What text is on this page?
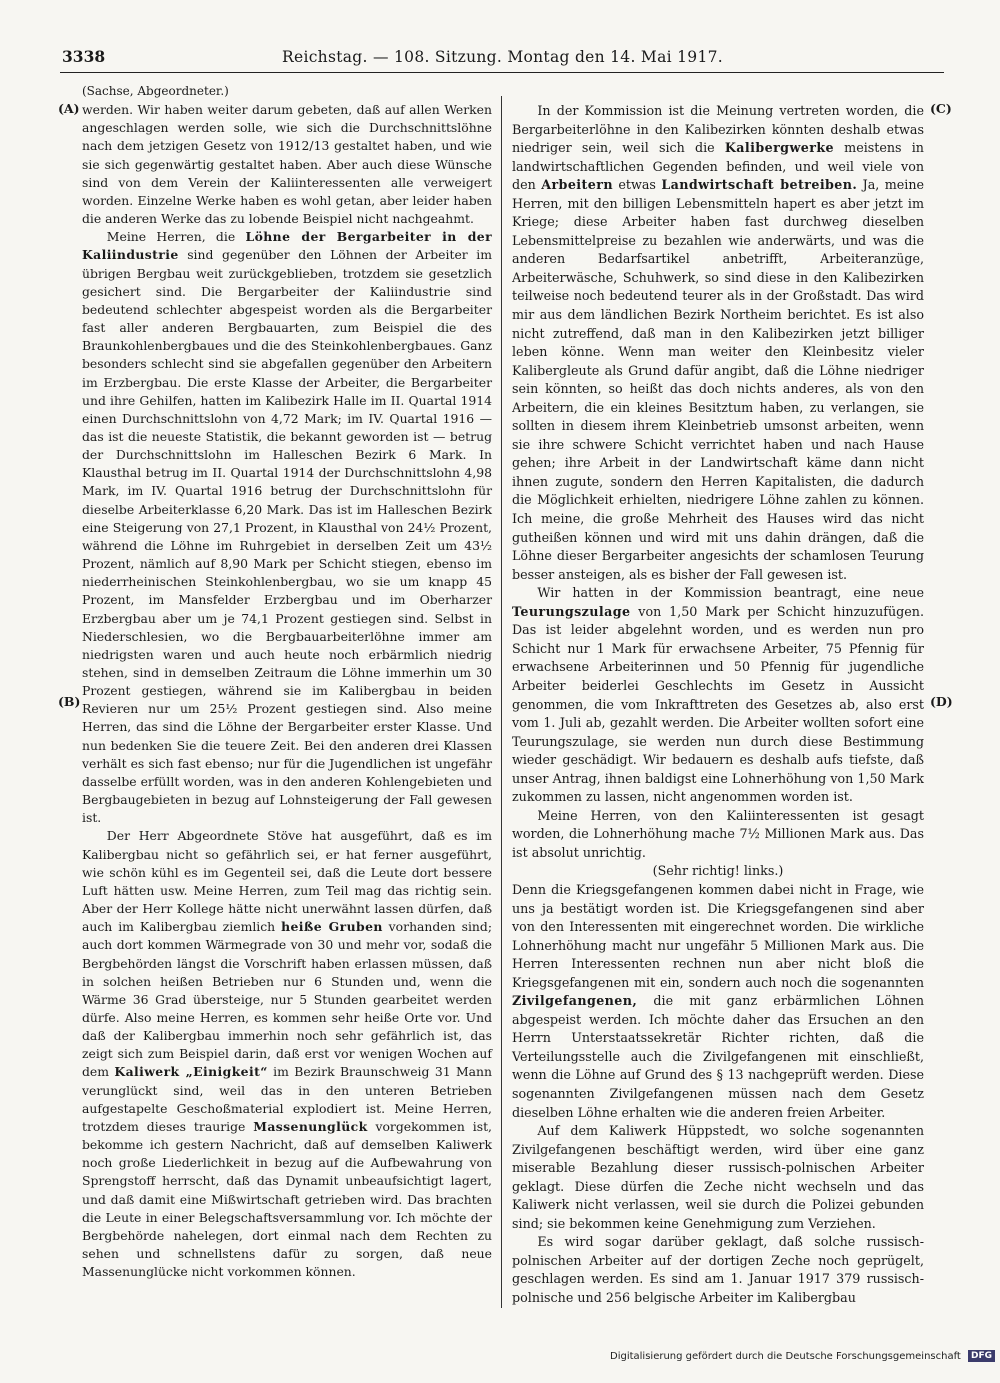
3338	Reichstag. — 108. Sitzung. Montag den 14. Mai 1917.
(A)
(B)
(C)
(D)

(Sachse, Abgeordneter.)

werden. Wir haben weiter darum gebeten, daß auf allen Werken angeschlagen werden solle, wie sich die Durchschnittslöhne nach dem jetzigen Gesetz von 1912/13 gestaltet haben, und wie sie sich gegenwärtig gestaltet haben. Aber auch diese Wünsche sind von dem Verein der Kaliinteressenten alle verweigert worden. Einzelne Werke haben es wohl getan, aber leider haben die anderen Werke das zu lobende Beispiel nicht nachgeahmt.

Meine Herren, die Löhne der Bergarbeiter in der Kaliindustrie sind gegenüber den Löhnen der Arbeiter im übrigen Bergbau weit zurückgeblieben, trotzdem sie gesetzlich gesichert sind. Die Bergarbeiter der Kaliindustrie sind bedeutend schlechter abgespeist worden als die Bergarbeiter fast aller anderen Bergbauarten, zum Beispiel die des Braunkohlenbergbaues und die des Steinkohlenbergbaues. Ganz besonders schlecht sind sie abgefallen gegenüber den Arbeitern im Erzbergbau. Die erste Klasse der Arbeiter, die Bergarbeiter und ihre Gehilfen, hatten im Kalibezirk Halle im II. Quartal 1914 einen Durchschnittslohn von 4,72 Mark; im IV. Quartal 1916 — das ist die neueste Statistik, die bekannt geworden ist — betrug der Durchschnittslohn im Halleschen Bezirk 6 Mark. In Klausthal betrug im II. Quartal 1914 der Durchschnittslohn 4,98 Mark, im IV. Quartal 1916 betrug der Durchschnittslohn für dieselbe Arbeiterklasse 6,20 Mark. Das ist im Halleschen Bezirk eine Steigerung von 27,1 Prozent, in Klausthal von 24½ Prozent, während die Löhne im Ruhrgebiet in derselben Zeit um 43½ Prozent, nämlich auf 8,90 Mark per Schicht stiegen, ebenso im niederrheinischen Steinkohlenbergbau, wo sie um knapp 45 Prozent, im Mansfelder Erzbergbau und im Oberharzer Erzbergbau aber um je 74,1 Prozent gestiegen sind. Selbst in Niederschlesien, wo die Bergbauarbeiterlöhne immer am niedrigsten waren und auch heute noch erbärmlich niedrig stehen, sind in demselben Zeitraum die Löhne immerhin um 30 Prozent gestiegen, während sie im Kalibergbau in beiden Revieren nur um 25½ Prozent gestiegen sind. Also meine Herren, das sind die Löhne der Bergarbeiter erster Klasse. Und nun bedenken Sie die teuere Zeit. Bei den anderen drei Klassen verhält es sich fast ebenso; nur für die Jugendlichen ist ungefähr dasselbe erfüllt worden, was in den anderen Kohlengebieten und Bergbaugebieten in bezug auf Lohnsteigerung der Fall gewesen ist.

Der Herr Abgeordnete Stöve hat ausgeführt, daß es im Kalibergbau nicht so gefährlich sei, er hat ferner ausgeführt, wie schön kühl es im Gegenteil sei, daß die Leute dort bessere Luft hätten usw. Meine Herren, zum Teil mag das richtig sein. Aber der Herr Kollege hätte nicht unerwähnt lassen dürfen, daß auch im Kalibergbau ziemlich heiße Gruben vorhanden sind; auch dort kommen Wärmegrade von 30 und mehr vor, sodaß die Bergbehörden längst die Vorschrift haben erlassen müssen, daß in solchen heißen Betrieben nur 6 Stunden und, wenn die Wärme 36 Grad übersteige, nur 5 Stunden gearbeitet werden dürfe. Also meine Herren, es kommen sehr heiße Orte vor. Und daß der Kalibergbau immerhin noch sehr gefährlich ist, das zeigt sich zum Beispiel darin, daß erst vor wenigen Wochen auf dem Kaliwerk „Einigkeit“ im Bezirk Braunschweig 31 Mann verunglückt sind, weil das in den unteren Betrieben aufgestapelte Geschoßmaterial explodiert ist. Meine Herren, trotzdem dieses traurige Massenunglück vorgekommen ist, bekomme ich gestern Nachricht, daß auf demselben Kaliwerk noch große Liederlichkeit in bezug auf die Aufbewahrung von Sprengstoff herrscht, daß das Dynamit unbeaufsichtigt lagert, und daß damit eine Mißwirtschaft getrieben wird. Das brachten die Leute in einer Belegschaftsversammlung vor. Ich möchte der Bergbehörde nahelegen, dort einmal nach dem Rechten zu sehen und schnellstens dafür zu sorgen, daß neue Massenunglücke nicht vorkommen können.

In der Kommission ist die Meinung vertreten worden, die Bergarbeiterlöhne in den Kalibezirken könnten deshalb etwas niedriger sein, weil sich die Kalibergwerke meistens in landwirtschaftlichen Gegenden befinden, und weil viele von den Arbeitern etwas Landwirtschaft betreiben. Ja, meine Herren, mit den billigen Lebensmitteln hapert es aber jetzt im Kriege; diese Arbeiter haben fast durchweg dieselben Lebensmittelpreise zu bezahlen wie anderwärts, und was die anderen Bedarfsartikel anbetrifft, Arbeiteranzüge, Arbeiterwäsche, Schuhwerk, so sind diese in den Kalibezirken teilweise noch bedeutend teurer als in der Großstadt. Das wird mir aus dem ländlichen Bezirk Northeim berichtet. Es ist also nicht zutreffend, daß man in den Kalibezirken jetzt billiger leben könne. Wenn man weiter den Kleinbesitz vieler Kalibergleute als Grund dafür angibt, daß die Löhne niedriger sein könnten, so heißt das doch nichts anderes, als von den Arbeitern, die ein kleines Besitztum haben, zu verlangen, sie sollten in diesem ihrem Kleinbetrieb umsonst arbeiten, wenn sie ihre schwere Schicht verrichtet haben und nach Hause gehen; ihre Arbeit in der Landwirtschaft käme dann nicht ihnen zugute, sondern den Herren Kapitalisten, die dadurch die Möglichkeit erhielten, niedrigere Löhne zahlen zu können. Ich meine, die große Mehrheit des Hauses wird das nicht gutheißen können und wird mit uns dahin drängen, daß die Löhne dieser Bergarbeiter angesichts der schamlosen Teurung besser ansteigen, als es bisher der Fall gewesen ist.

Wir hatten in der Kommission beantragt, eine neue Teurungszulage von 1,50 Mark per Schicht hinzuzufügen. Das ist leider abgelehnt worden, und es werden nun pro Schicht nur 1 Mark für erwachsene Arbeiter, 75 Pfennig für erwachsene Arbeiterinnen und 50 Pfennig für jugendliche Arbeiter beiderlei Geschlechts im Gesetz in Aussicht genommen, die vom Inkrafttreten des Gesetzes ab, also erst vom 1. Juli ab, gezahlt werden. Die Arbeiter wollten sofort eine Teurungszulage, sie werden nun durch diese Bestimmung wieder geschädigt. Wir bedauern es deshalb aufs tiefste, daß unser Antrag, ihnen baldigst eine Lohnerhöhung von 1,50 Mark zukommen zu lassen, nicht angenommen worden ist.

Meine Herren, von den Kaliinteressenten ist gesagt worden, die Lohnerhöhung mache 7½ Millionen Mark aus. Das ist absolut unrichtig.

(Sehr richtig! links.)

Denn die Kriegsgefangenen kommen dabei nicht in Frage, wie uns ja bestätigt worden ist. Die Kriegsgefangenen sind aber von den Interessenten mit eingerechnet worden. Die wirkliche Lohnerhöhung macht nur ungefähr 5 Millionen Mark aus. Die Herren Interessenten rechnen nun aber nicht bloß die Kriegsgefangenen mit ein, sondern auch noch die sogenannten Zivilgefangenen, die mit ganz erbärmlichen Löhnen abgespeist werden. Ich möchte daher das Ersuchen an den Herrn Unterstaatssekretär Richter richten, daß die Verteilungsstelle auch die Zivilgefangenen mit einschließt, wenn die Löhne auf Grund des § 13 nachgeprüft werden. Diese sogenannten Zivilgefangenen müssen nach dem Gesetz dieselben Löhne erhalten wie die anderen freien Arbeiter.

Auf dem Kaliwerk Hüppstedt, wo solche sogenannten Zivilgefangenen beschäftigt werden, wird über eine ganz miserable Bezahlung dieser russisch-polnischen Arbeiter geklagt. Diese dürfen die Zeche nicht wechseln und das Kaliwerk nicht verlassen, weil sie durch die Polizei gebunden sind; sie bekommen keine Genehmigung zum Verziehen.

Es wird sogar darüber geklagt, daß solche russisch-polnischen Arbeiter auf der dortigen Zeche noch geprügelt, geschlagen werden. Es sind am 1. Januar 1917 379 russisch-polnische und 256 belgische Arbeiter im Kalibergbau

Digitalisierung gefördert durch die Deutsche Forschungsgemeinschaft DFG
